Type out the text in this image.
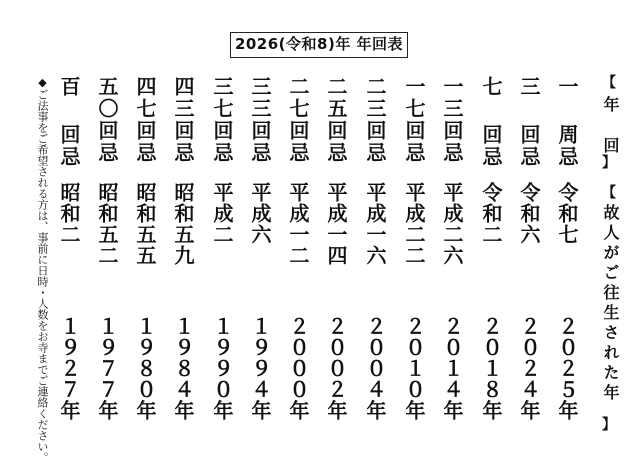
2026(令和8)年 年回表
【
年 回
】
【
故人がご往生された年
】
一 周忌
令和七
２０２５年
三 回忌
令和六
２０２４年
七 回忌
令和二
２０１８年
一三回忌
平成二六
２０１４年
一七回忌
平成二二
２０１０年
二三回忌
平成一六
２００４年
二五回忌
平成一四
２００２年
二七回忌
平成一二
２０００年
三三回忌
平成六
１９９４年
三七回忌
平成二
１９９０年
四三回忌
昭和五九
１９８４年
四七回忌
昭和五五
１９８０年
五〇回忌
昭和五二
１９７７年
百 回忌
昭和二
１９２７年
◆ご法事をご希望される方は、事前に日時・人数をお寺までご連絡ください。
